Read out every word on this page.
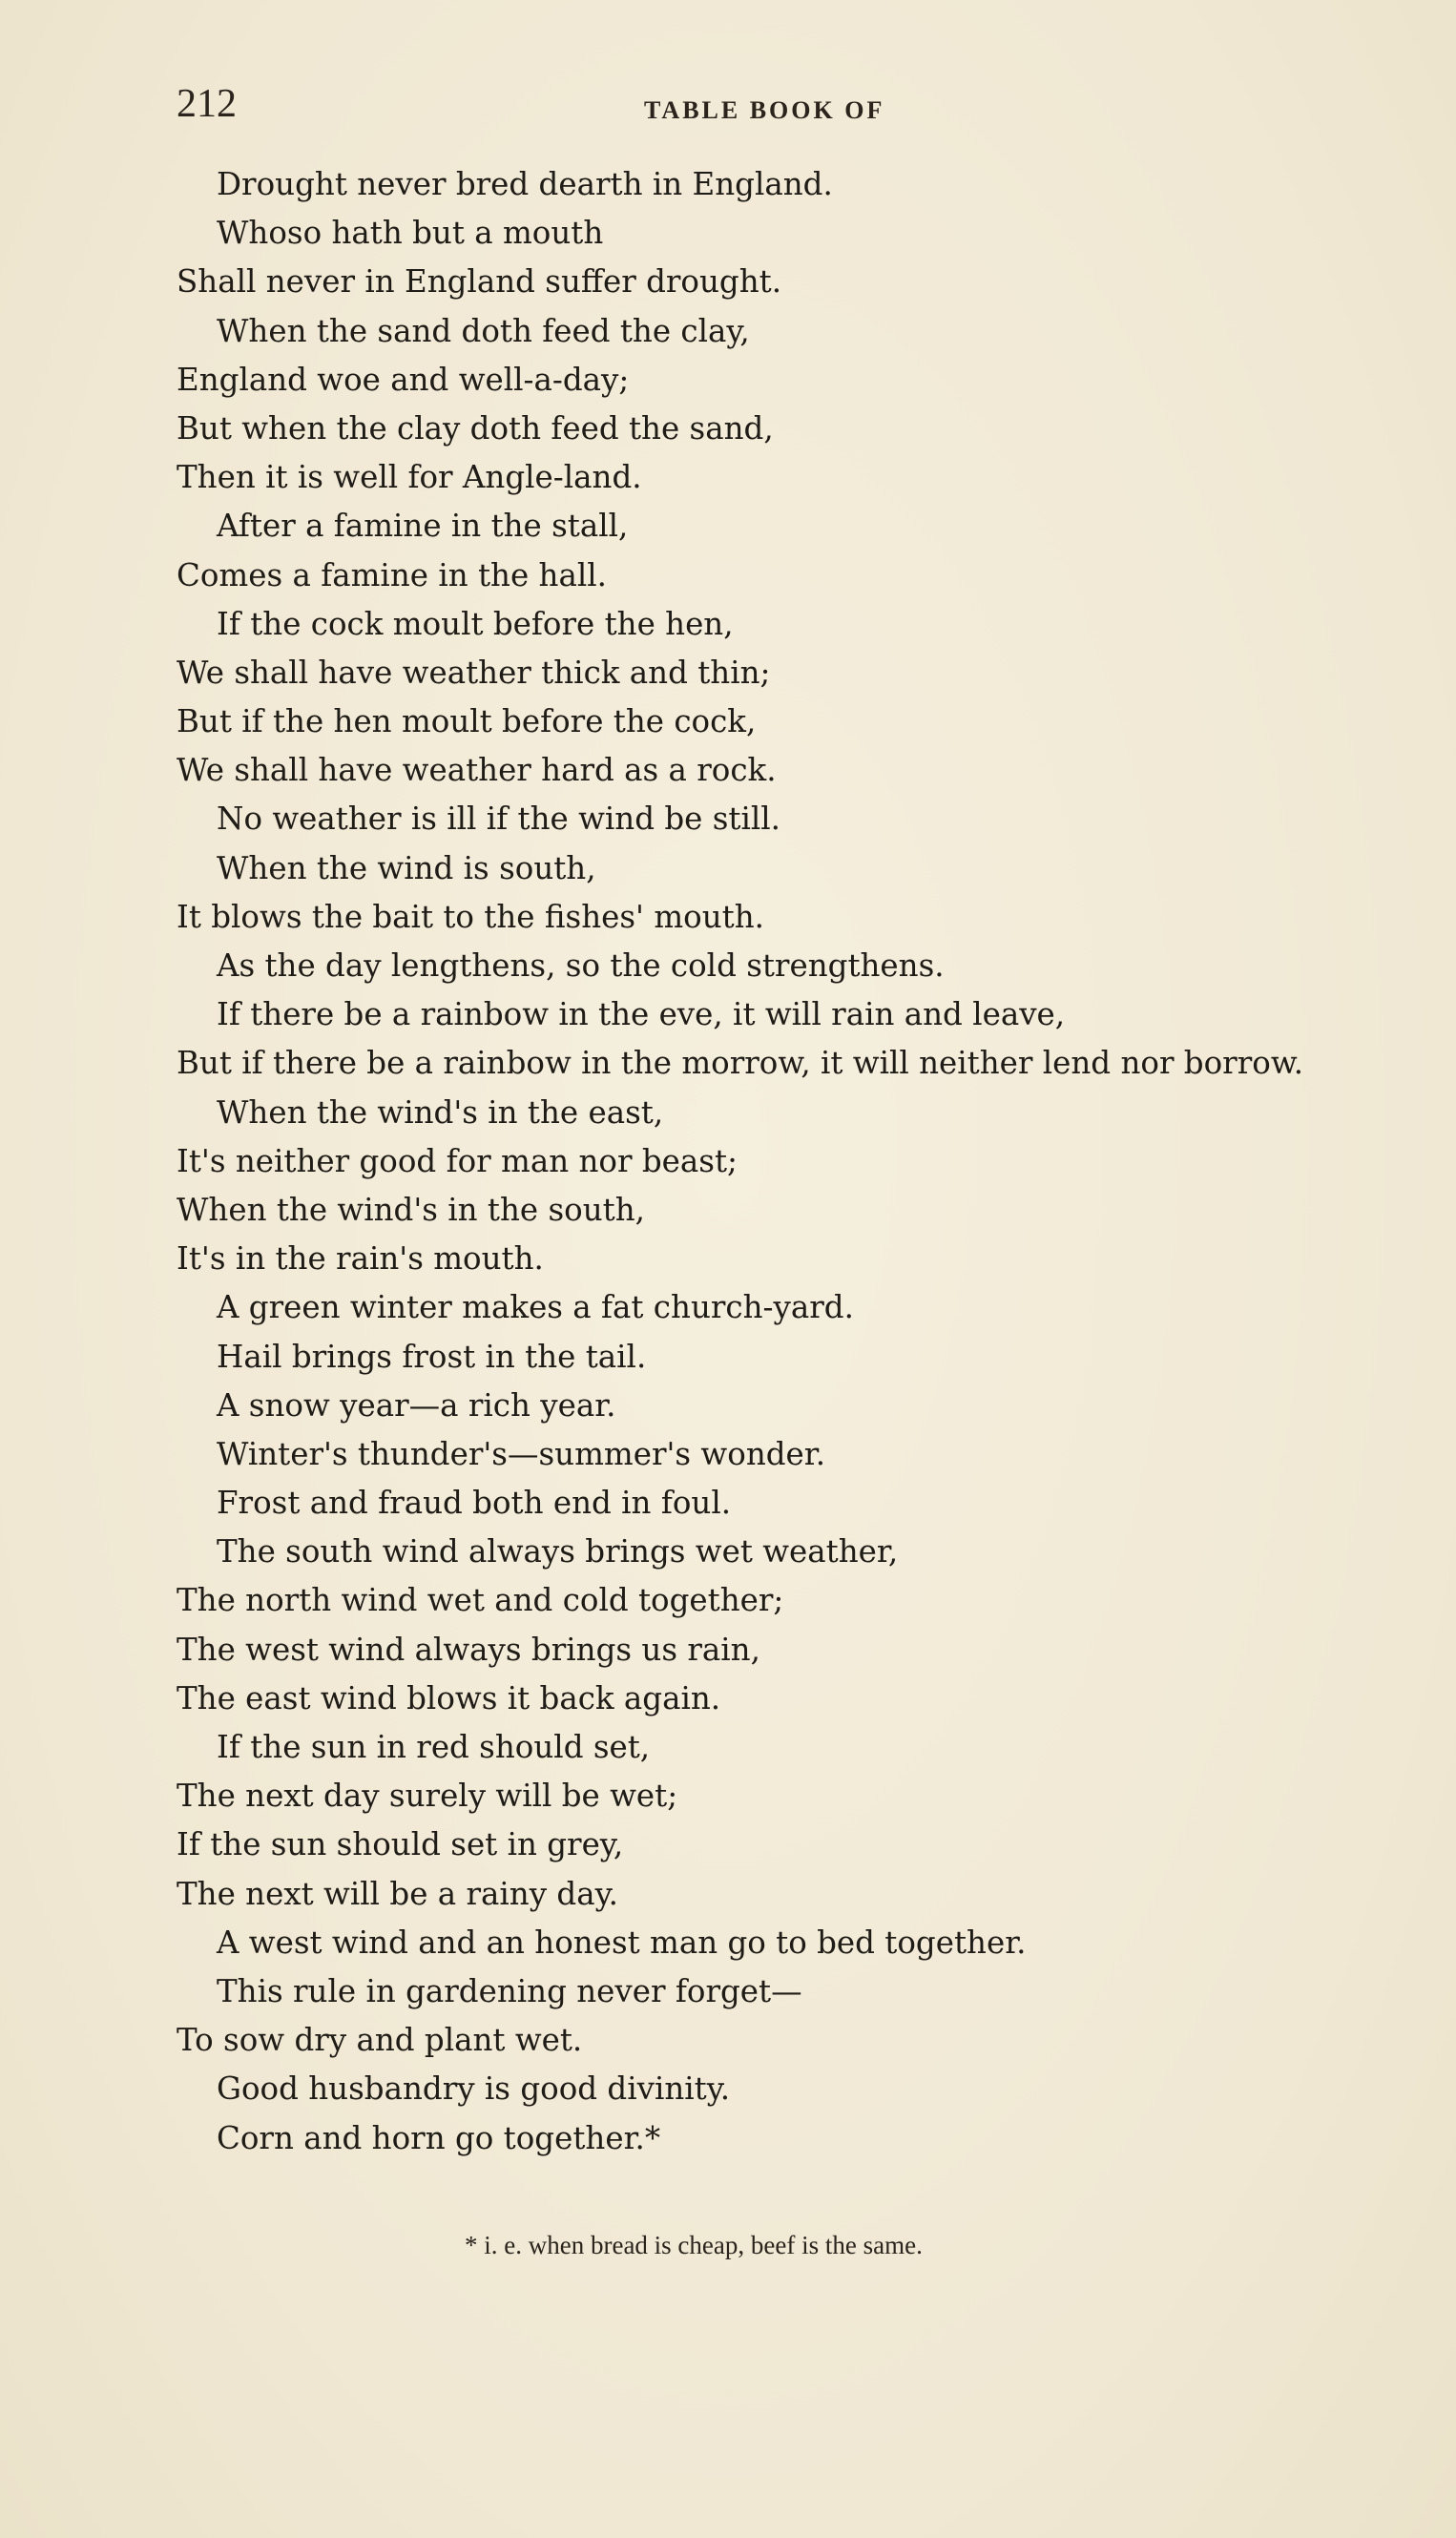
212	TABLE BOOK OF
Drought never bred dearth in England.
Whoso hath but a mouth
Shall never in England suffer drought.
When the sand doth feed the clay,
England woe and well-a-day;
But when the clay doth feed the sand,
Then it is well for Angle-land.
After a famine in the stall,
Comes a famine in the hall.
If the cock moult before the hen,
We shall have weather thick and thin;
But if the hen moult before the cock,
We shall have weather hard as a rock.
No weather is ill if the wind be still.
When the wind is south,
It blows the bait to the fishes' mouth.
As the day lengthens, so the cold strengthens.
If there be a rainbow in the eve, it will rain and leave,
But if there be a rainbow in the morrow, it will neither lend nor borrow.
When the wind's in the east,
It's neither good for man nor beast;
When the wind's in the south,
It's in the rain's mouth.
A green winter makes a fat church-yard.
Hail brings frost in the tail.
A snow year—a rich year.
Winter's thunder's—summer's wonder.
Frost and fraud both end in foul.
The south wind always brings wet weather,
The north wind wet and cold together;
The west wind always brings us rain,
The east wind blows it back again.
If the sun in red should set,
The next day surely will be wet;
If the sun should set in grey,
The next will be a rainy day.
A west wind and an honest man go to bed together.
This rule in gardening never forget—
To sow dry and plant wet.
Good husbandry is good divinity.
Corn and horn go together.*
* i. e. when bread is cheap, beef is the same.
